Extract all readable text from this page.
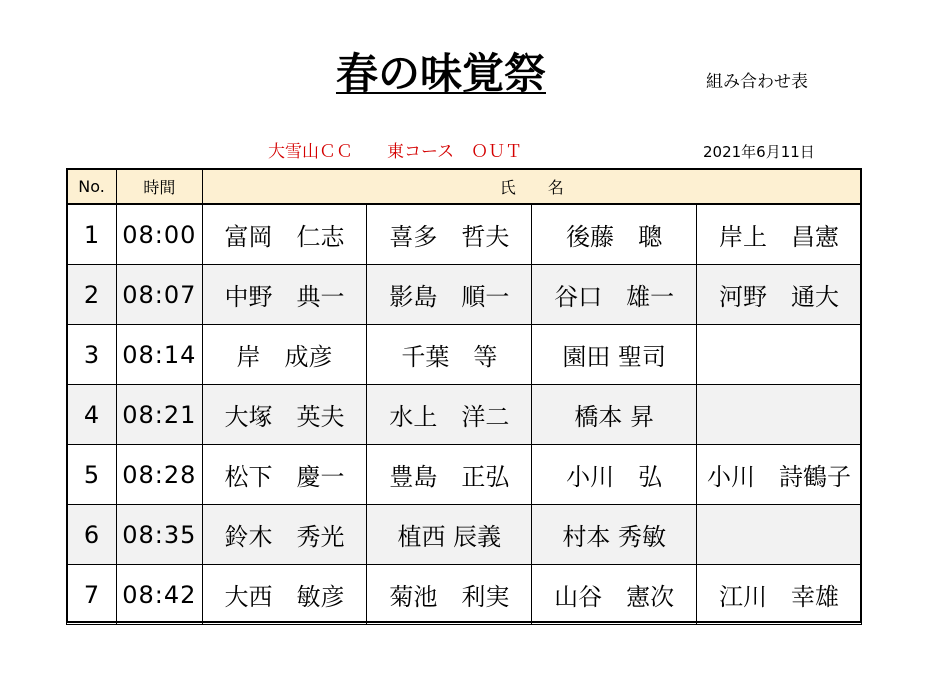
春の味覚祭	組み合わせ表
大雪山ＣＣ　　東コース　ＯＵＴ	2021年6月11日
No.	時間	氏　　名			
1	08:00	富岡　仁志	喜多　哲夫	後藤　聰	岸上　昌憲
2	08:07	中野　典一	影島　順一	谷口　雄一	河野　通大
3	08:14	岸　成彦	千葉　等	園田 聖司	
4	08:21	大塚　英夫	水上　洋二	橋本 昇	
5	08:28	松下　慶一	豊島　正弘	小川　弘	小川　詩鶴子
6	08:35	鈴木　秀光	植西 辰義	村本 秀敏	
7	08:42	大西　敏彦	菊池　利実	山谷　憲次	江川　幸雄
